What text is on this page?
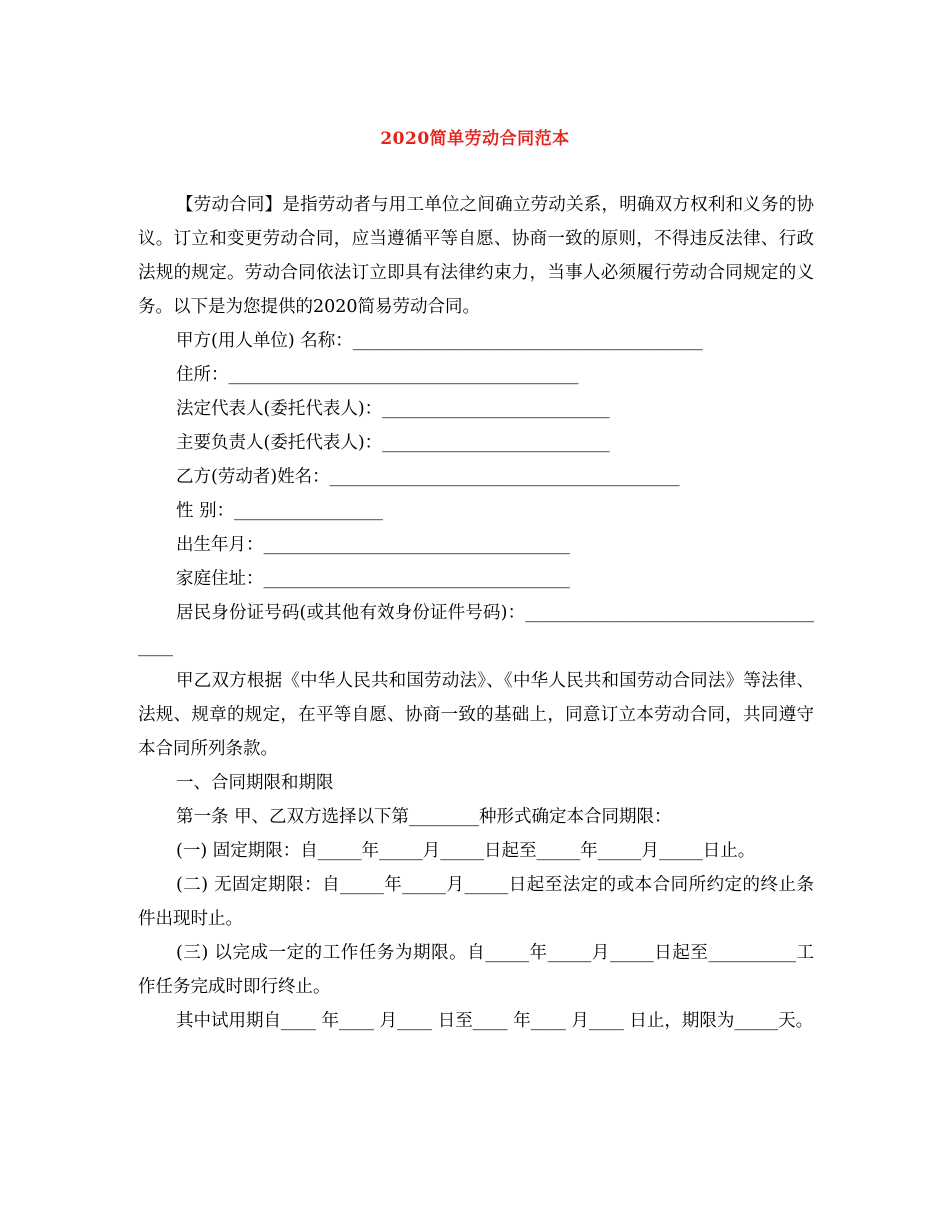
2020简单劳动合同范本

【劳动合同】是指劳动者与用工单位之间确立劳动关系，明确双方权利和义务的协议。订立和变更劳动合同，应当遵循平等自愿、协商一致的原则，不得违反法律、行政法规的规定。劳动合同依法订立即具有法律约束力，当事人必须履行劳动合同规定的义务。以下是为您提供的2020简易劳动合同。

甲方(用人单位) 名称：________________________________________

住所：________________________________________

法定代表人(委托代表人)：__________________________

主要负责人(委托代表人)：__________________________

乙方(劳动者)姓名：________________________________________

性 别：_________________

出生年月：___________________________________

家庭住址：___________________________________

居民身份证号码(或其他有效身份证件号码)：_____________________________________

甲乙双方根据《中华人民共和国劳动法》、《中华人民共和国劳动合同法》等法律、法规、规章的规定，在平等自愿、协商一致的基础上，同意订立本劳动合同，共同遵守本合同所列条款。

一、合同期限和期限

第一条 甲、乙双方选择以下第________种形式确定本合同期限：

(一) 固定期限：自_____年_____月_____日起至_____年_____月_____日止。

(二) 无固定期限：自_____年_____月_____日起至法定的或本合同所约定的终止条件出现时止。

(三) 以完成一定的工作任务为期限。自_____年_____月_____日起至__________工作任务完成时即行终止。

其中试用期自____ 年____ 月____ 日至____ 年____ 月____ 日止，期限为_____天。
